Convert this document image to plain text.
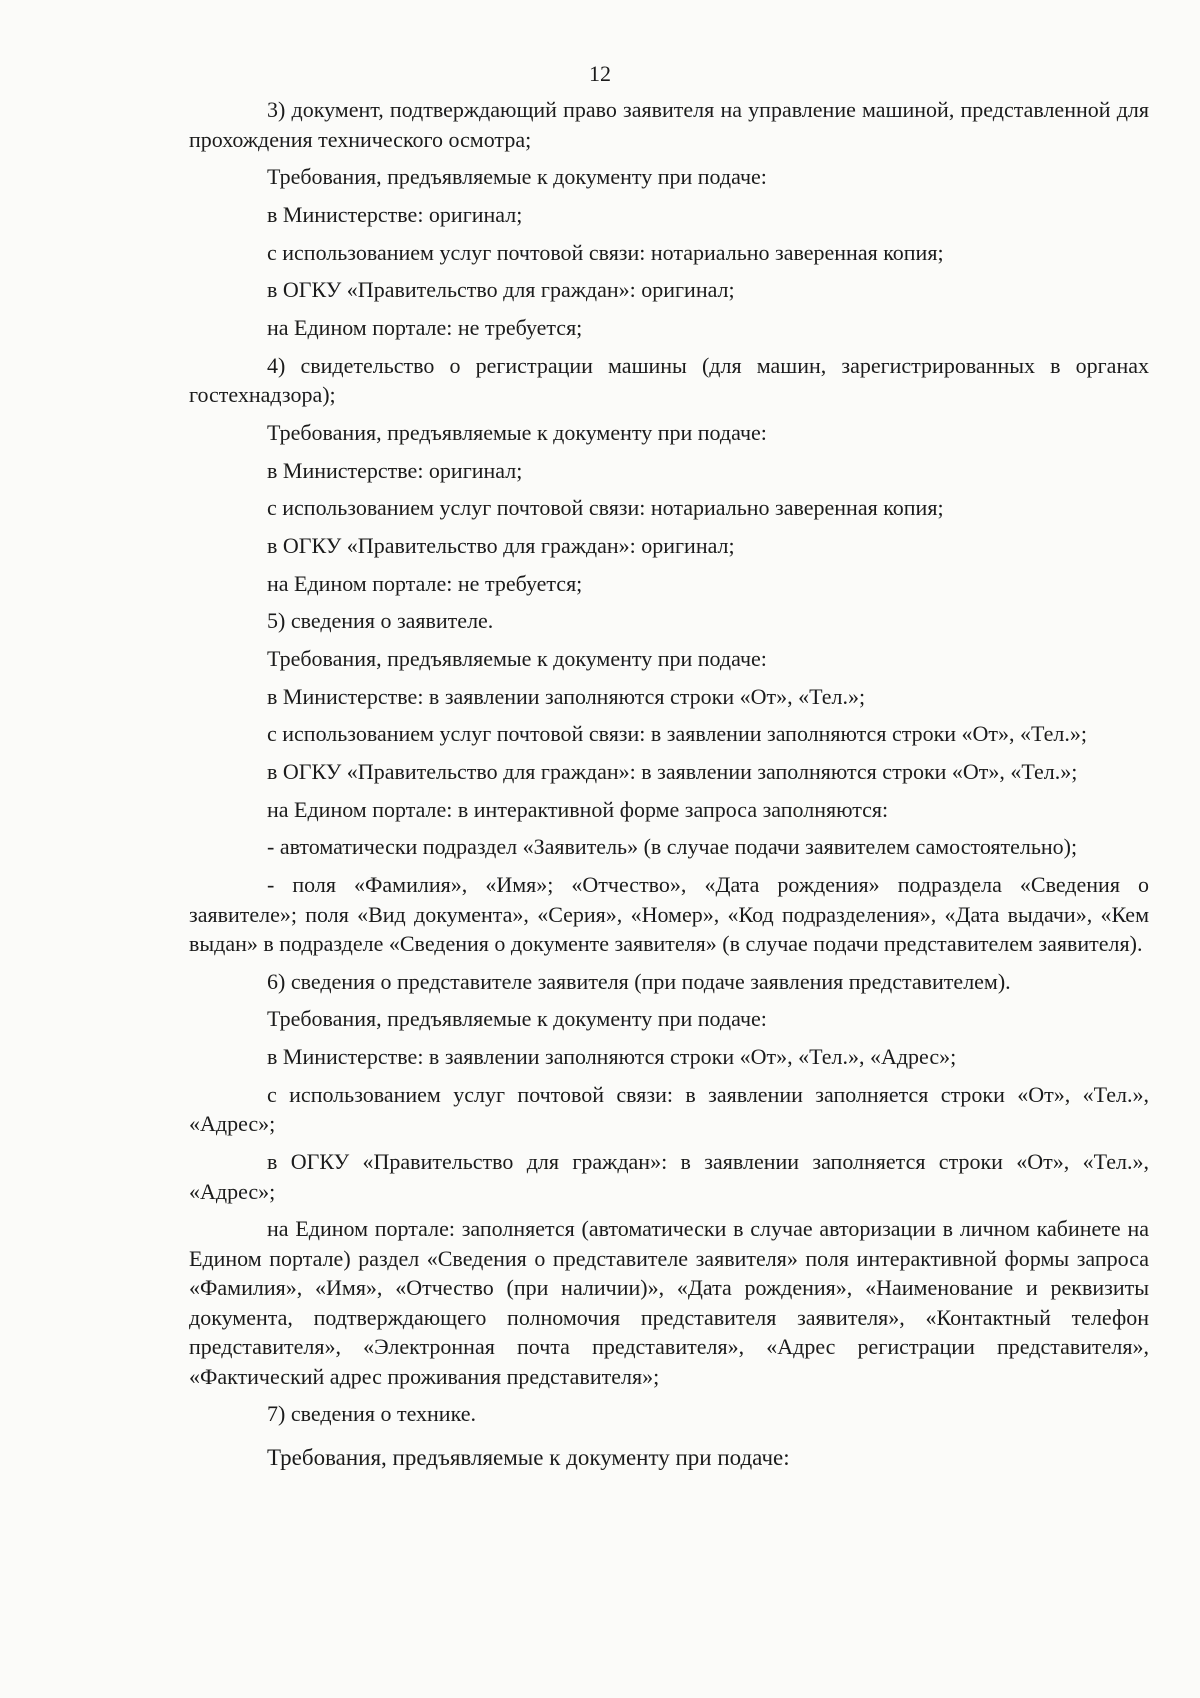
12

3) документ, подтверждающий право заявителя на управление машиной, представленной для прохождения технического осмотра;

Требования, предъявляемые к документу при подаче:

в Министерстве: оригинал;

с использованием услуг почтовой связи: нотариально заверенная копия;

в ОГКУ «Правительство для граждан»: оригинал;

на Едином портале: не требуется;

4) свидетельство о регистрации машины (для машин, зарегистрированных в органах гостехнадзора);

Требования, предъявляемые к документу при подаче:

в Министерстве: оригинал;

с использованием услуг почтовой связи: нотариально заверенная копия;

в ОГКУ «Правительство для граждан»: оригинал;

на Едином портале: не требуется;

5) сведения о заявителе.

Требования, предъявляемые к документу при подаче:

в Министерстве: в заявлении заполняются строки «От», «Тел.»;

с использованием услуг почтовой связи: в заявлении заполняются строки «От», «Тел.»;

в ОГКУ «Правительство для граждан»: в заявлении заполняются строки «От», «Тел.»;

на Едином портале: в интерактивной форме запроса заполняются:

- автоматически подраздел «Заявитель» (в случае подачи заявителем самостоятельно);

- поля «Фамилия», «Имя»; «Отчество», «Дата рождения» подраздела «Сведения о заявителе»; поля «Вид документа», «Серия», «Номер», «Код подразделения», «Дата выдачи», «Кем выдан» в подразделе «Сведения о документе заявителя» (в случае подачи представителем заявителя).

6) сведения о представителе заявителя (при подаче заявления представителем).

Требования, предъявляемые к документу при подаче:

в Министерстве: в заявлении заполняются строки «От», «Тел.», «Адрес»;

с использованием услуг почтовой связи: в заявлении заполняется строки «От», «Тел.», «Адрес»;

в ОГКУ «Правительство для граждан»: в заявлении заполняется строки «От», «Тел.», «Адрес»;

на Едином портале: заполняется (автоматически в случае авторизации в личном кабинете на Едином портале) раздел «Сведения о представителе заявителя» поля интерактивной формы запроса «Фамилия», «Имя», «Отчество (при наличии)», «Дата рождения», «Наименование и реквизиты документа, подтверждающего полномочия представителя заявителя», «Контактный телефон представителя», «Электронная почта представителя», «Адрес регистрации представителя», «Фактический адрес проживания представителя»;

7) сведения о технике.

Требования, предъявляемые к документу при подаче:
